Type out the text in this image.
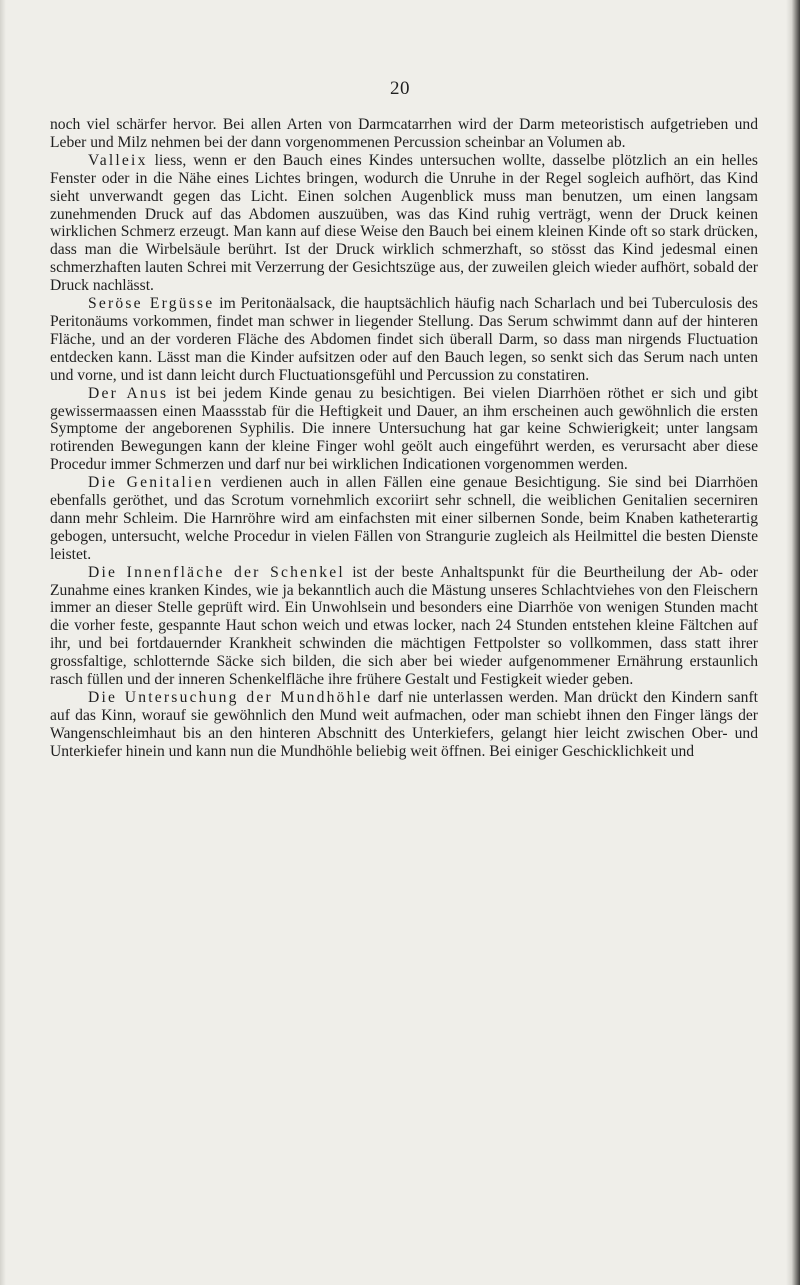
20

noch viel schärfer hervor. Bei allen Arten von Darmcatarrhen wird der Darm meteoristisch aufgetrieben und Leber und Milz nehmen bei der dann vorgenommenen Percussion scheinbar an Volumen ab.

Valleix liess, wenn er den Bauch eines Kindes untersuchen wollte, dasselbe plötzlich an ein helles Fenster oder in die Nähe eines Lichtes bringen, wodurch die Unruhe in der Regel sogleich aufhört, das Kind sieht unverwandt gegen das Licht. Einen solchen Augenblick muss man benutzen, um einen langsam zunehmenden Druck auf das Abdomen auszuüben, was das Kind ruhig verträgt, wenn der Druck keinen wirklichen Schmerz erzeugt. Man kann auf diese Weise den Bauch bei einem kleinen Kinde oft so stark drücken, dass man die Wirbelsäule berührt. Ist der Druck wirklich schmerzhaft, so stösst das Kind jedesmal einen schmerzhaften lauten Schrei mit Verzerrung der Gesichtszüge aus, der zuweilen gleich wieder aufhört, sobald der Druck nachlässt.

Seröse Ergüsse im Peritonäalsack, die hauptsächlich häufig nach Scharlach und bei Tuberculosis des Peritonäums vorkommen, findet man schwer in liegender Stellung. Das Serum schwimmt dann auf der hinteren Fläche, und an der vorderen Fläche des Abdomen findet sich überall Darm, so dass man nirgends Fluctuation entdecken kann. Lässt man die Kinder aufsitzen oder auf den Bauch legen, so senkt sich das Serum nach unten und vorne, und ist dann leicht durch Fluctuationsgefühl und Percussion zu constatiren.

Der Anus ist bei jedem Kinde genau zu besichtigen. Bei vielen Diarrhöen röthet er sich und gibt gewissermaassen einen Maassstab für die Heftigkeit und Dauer, an ihm erscheinen auch gewöhnlich die ersten Symptome der angeborenen Syphilis. Die innere Untersuchung hat gar keine Schwierigkeit; unter langsam rotirenden Bewegungen kann der kleine Finger wohl geölt auch eingeführt werden, es verursacht aber diese Procedur immer Schmerzen und darf nur bei wirklichen Indicationen vorgenommen werden.

Die Genitalien verdienen auch in allen Fällen eine genaue Besichtigung. Sie sind bei Diarrhöen ebenfalls geröthet, und das Scrotum vornehmlich excoriirt sehr schnell, die weiblichen Genitalien secerniren dann mehr Schleim. Die Harnröhre wird am einfachsten mit einer silbernen Sonde, beim Knaben katheterartig gebogen, untersucht, welche Procedur in vielen Fällen von Strangurie zugleich als Heilmittel die besten Dienste leistet.

Die Innenfläche der Schenkel ist der beste Anhaltspunkt für die Beurtheilung der Ab- oder Zunahme eines kranken Kindes, wie ja bekanntlich auch die Mästung unseres Schlachtviehes von den Fleischern immer an dieser Stelle geprüft wird. Ein Unwohlsein und besonders eine Diarrhöe von wenigen Stunden macht die vorher feste, gespannte Haut schon weich und etwas locker, nach 24 Stunden entstehen kleine Fältchen auf ihr, und bei fortdauernder Krankheit schwinden die mächtigen Fettpolster so vollkommen, dass statt ihrer grossfaltige, schlotternde Säcke sich bilden, die sich aber bei wieder aufgenommener Ernährung erstaunlich rasch füllen und der inneren Schenkelfläche ihre frühere Gestalt und Festigkeit wieder geben.

Die Untersuchung der Mundhöhle darf nie unterlassen werden. Man drückt den Kindern sanft auf das Kinn, worauf sie gewöhnlich den Mund weit aufmachen, oder man schiebt ihnen den Finger längs der Wangenschleimhaut bis an den hinteren Abschnitt des Unterkiefers, gelangt hier leicht zwischen Ober- und Unterkiefer hinein und kann nun die Mundhöhle beliebig weit öffnen. Bei einiger Geschicklichkeit und
